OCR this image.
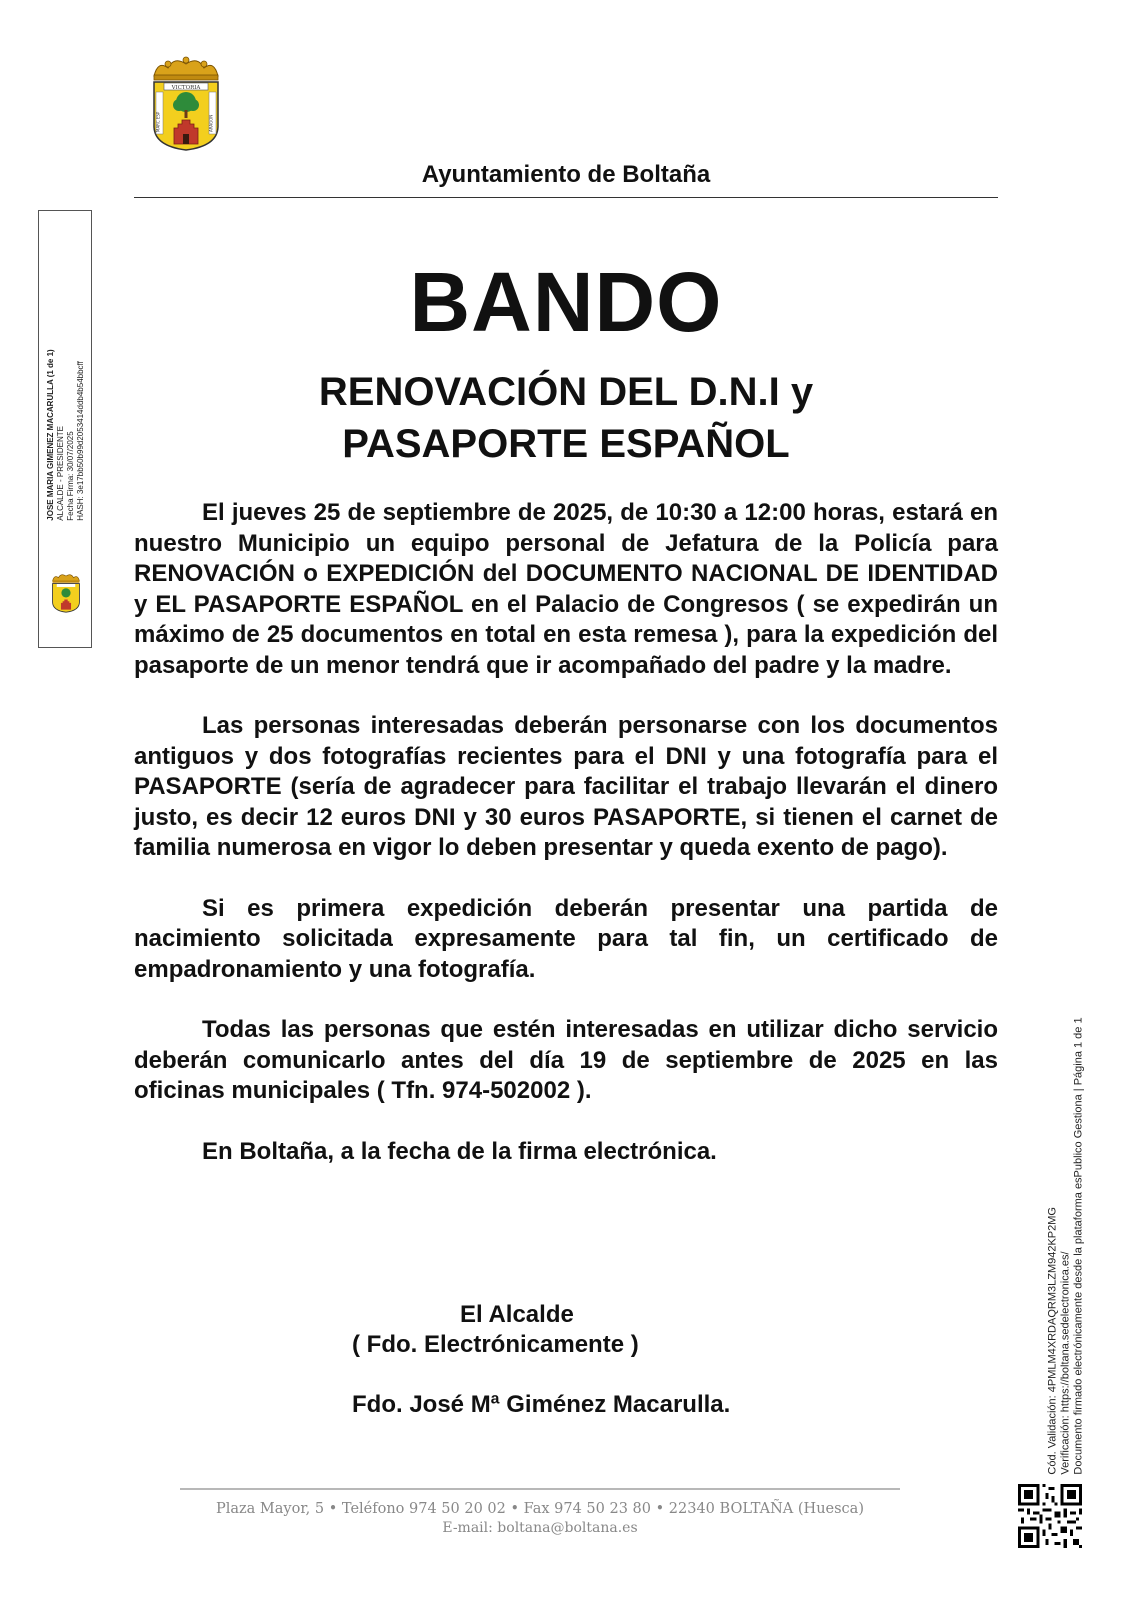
VICTORIA
MARC ESP	ARAGON
Ayuntamiento de Boltaña
JOSE MARIA GIMENEZ MACARULLA (1 de 1) ALCALDE - PRESIDENTE Fecha Firma: 30/07/2025 HASH: 3e17bb50b99d2053414ddb4b54bbcff
BANDO
RENOVACIÓN DEL D.N.I y
PASAPORTE ESPAÑOL

El jueves 25 de septiembre de 2025, de 10:30 a 12:00 horas, estará en nuestro Municipio un equipo personal de Jefatura de la Policía para RENOVACIÓN o EXPEDICIÓN del DOCUMENTO NACIONAL DE IDENTIDAD y EL PASAPORTE ESPAÑOL en el Palacio de Congresos ( se expedirán un máximo de 25 documentos en total en esta remesa ), para la expedición del pasaporte de un menor tendrá que ir acompañado del padre y la madre.

Las personas interesadas deberán personarse con los documentos antiguos y dos fotografías recientes para el DNI y una fotografía para el PASAPORTE (sería de agradecer para facilitar el trabajo llevarán el dinero justo, es decir 12 euros DNI y 30 euros PASAPORTE, si tienen el carnet de familia numerosa en vigor lo deben presentar y queda exento de pago).

Si es primera expedición deberán presentar una partida de nacimiento solicitada expresamente para tal fin, un certificado de empadronamiento y una fotografía.

Todas las personas que estén interesadas en utilizar dicho servicio deberán comunicarlo antes del día 19 de septiembre de 2025 en las oficinas municipales ( Tfn. 974-502002 ).

En Boltaña, a la fecha de la firma electrónica.

El Alcalde
( Fdo. Electrónicamente )
Fdo. José Mª Giménez Macarulla.
Plaza Mayor, 5 • Teléfono 974 50 20 02 • Fax 974 50 23 80 • 22340 BOLTAÑA (Huesca)
E-mail: boltana@boltana.es
Cód. Validación: 4PMLM4XRDAQRM3LZM942KP2MG Verificación: https://boltana.sedelectronica.es/ Documento firmado electrónicamente desde la plataforma esPublico Gestiona | Página 1 de 1
